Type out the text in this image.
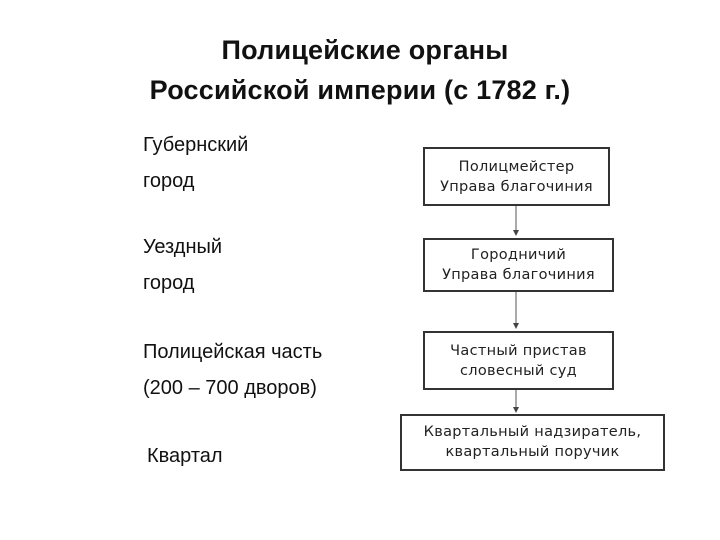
Полицейские органы
Российской империи (с 1782 г.)
Губернский
город
Уездный
город
Полицейская часть
(200 – 700 дворов)
Квартал
Полицмейстер
Управа благочиния
Городничий
Управа благочиния
Частный пристав
словесный суд
Квартальный надзиратель,
квартальный поручик
